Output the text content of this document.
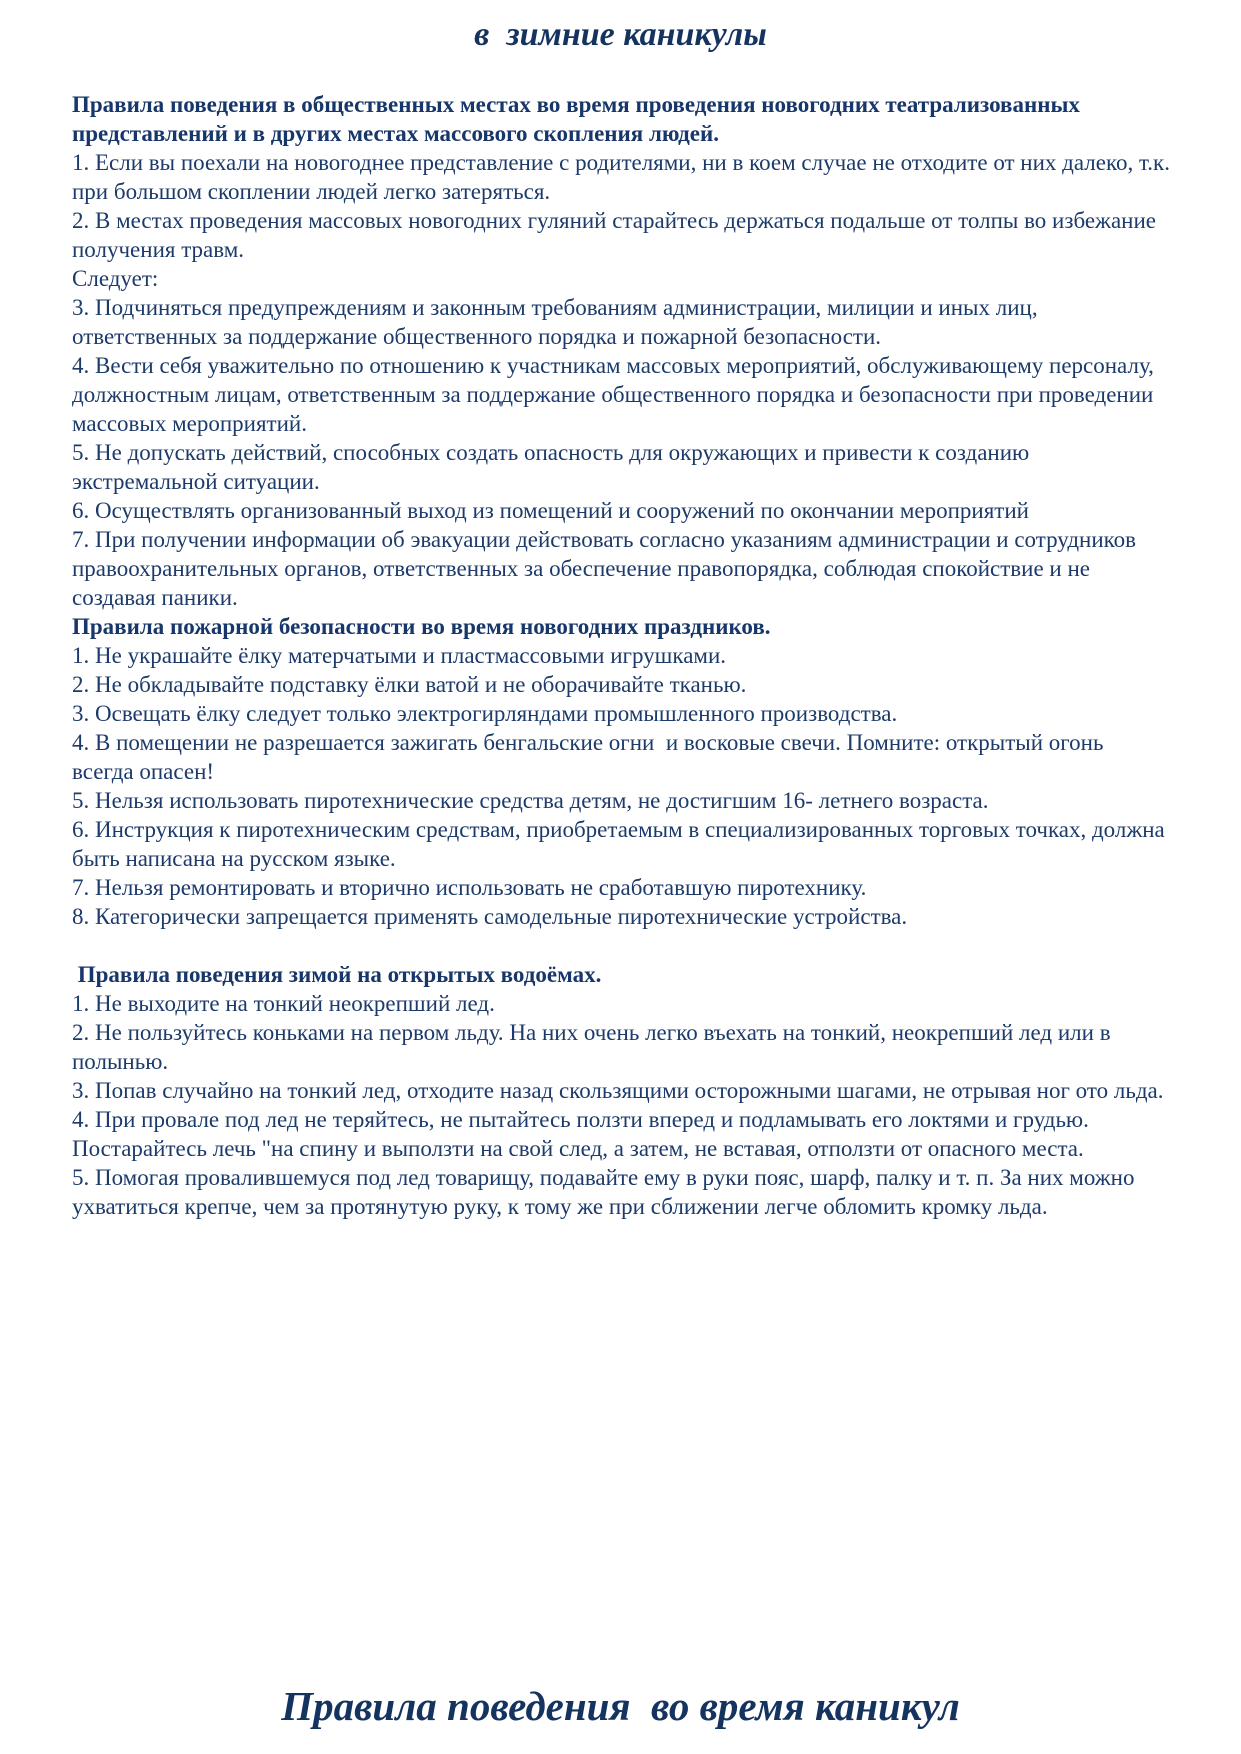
в  зимние каникулы

Правила поведения в общественных местах во время проведения новогодних театрализованных представлений и в других местах массового скопления людей.

1. Если вы поехали на новогоднее представление с родителями, ни в коем случае не отходите от них далеко, т.к. при большом скоплении людей легко затеряться.

2. В местах проведения массовых новогодних гуляний старайтесь держаться подальше от толпы во избежание получения травм.

Следует:

3. Подчиняться предупреждениям и законным требованиям администрации, милиции и иных лиц, ответственных за поддержание общественного порядка и пожарной безопасности.

4. Вести себя уважительно по отношению к участникам массовых мероприятий, обслуживающему персоналу, должностным лицам, ответственным за поддержание общественного порядка и безопасности при проведении массовых мероприятий.

5. Не допускать действий, способных создать опасность для окружающих и привести к созданию экстремальной ситуации.

6. Осуществлять организованный выход из помещений и сооружений по окончании мероприятий

7. При получении информации об эвакуации действовать согласно указаниям администрации и сотрудников правоохранительных органов, ответственных за обеспечение правопорядка, соблюдая спокойствие и не создавая паники.

Правила пожарной безопасности во время новогодних праздников.

1. Не украшайте ёлку матерчатыми и пластмассовыми игрушками.

2. Не обкладывайте подставку ёлки ватой и не оборачивайте тканью.

3. Освещать ёлку следует только электрогирляндами промышленного производства.

4. В помещении не разрешается зажигать бенгальские огни  и восковые свечи. Помните: открытый огонь всегда опасен!

5. Нельзя использовать пиротехнические средства детям, не достигшим 16- летнего возраста.

6. Инструкция к пиротехническим средствам, приобретаемым в специализированных торговых точках, должна быть написана на русском языке.

7. Нельзя ремонтировать и вторично использовать не сработавшую пиротехнику.

8. Категорически запрещается применять самодельные пиротехнические устройства.

Правила поведения зимой на открытых водоёмах.

1. Не выходите на тонкий неокрепший лед.

2. Не пользуйтесь коньками на первом льду. На них очень легко въехать на тонкий, неокрепший лед или в полынью.

3. Попав случайно на тонкий лед, отходите назад скользящими осторожными шагами, не отрывая ног ото льда.

4. При провале под лед не теряйтесь, не пытайтесь ползти вперед и подламывать его локтями и грудью. Постарайтесь лечь "на спину и выползти на свой след, а затем, не вставая, отползти от опасного места.

5. Помогая провалившемуся под лед товарищу, подавайте ему в руки пояс, шарф, палку и т. п. За них можно ухватиться крепче, чем за протянутую руку, к тому же при сближении легче обломить кромку льда.

Правила поведения  во время каникул
